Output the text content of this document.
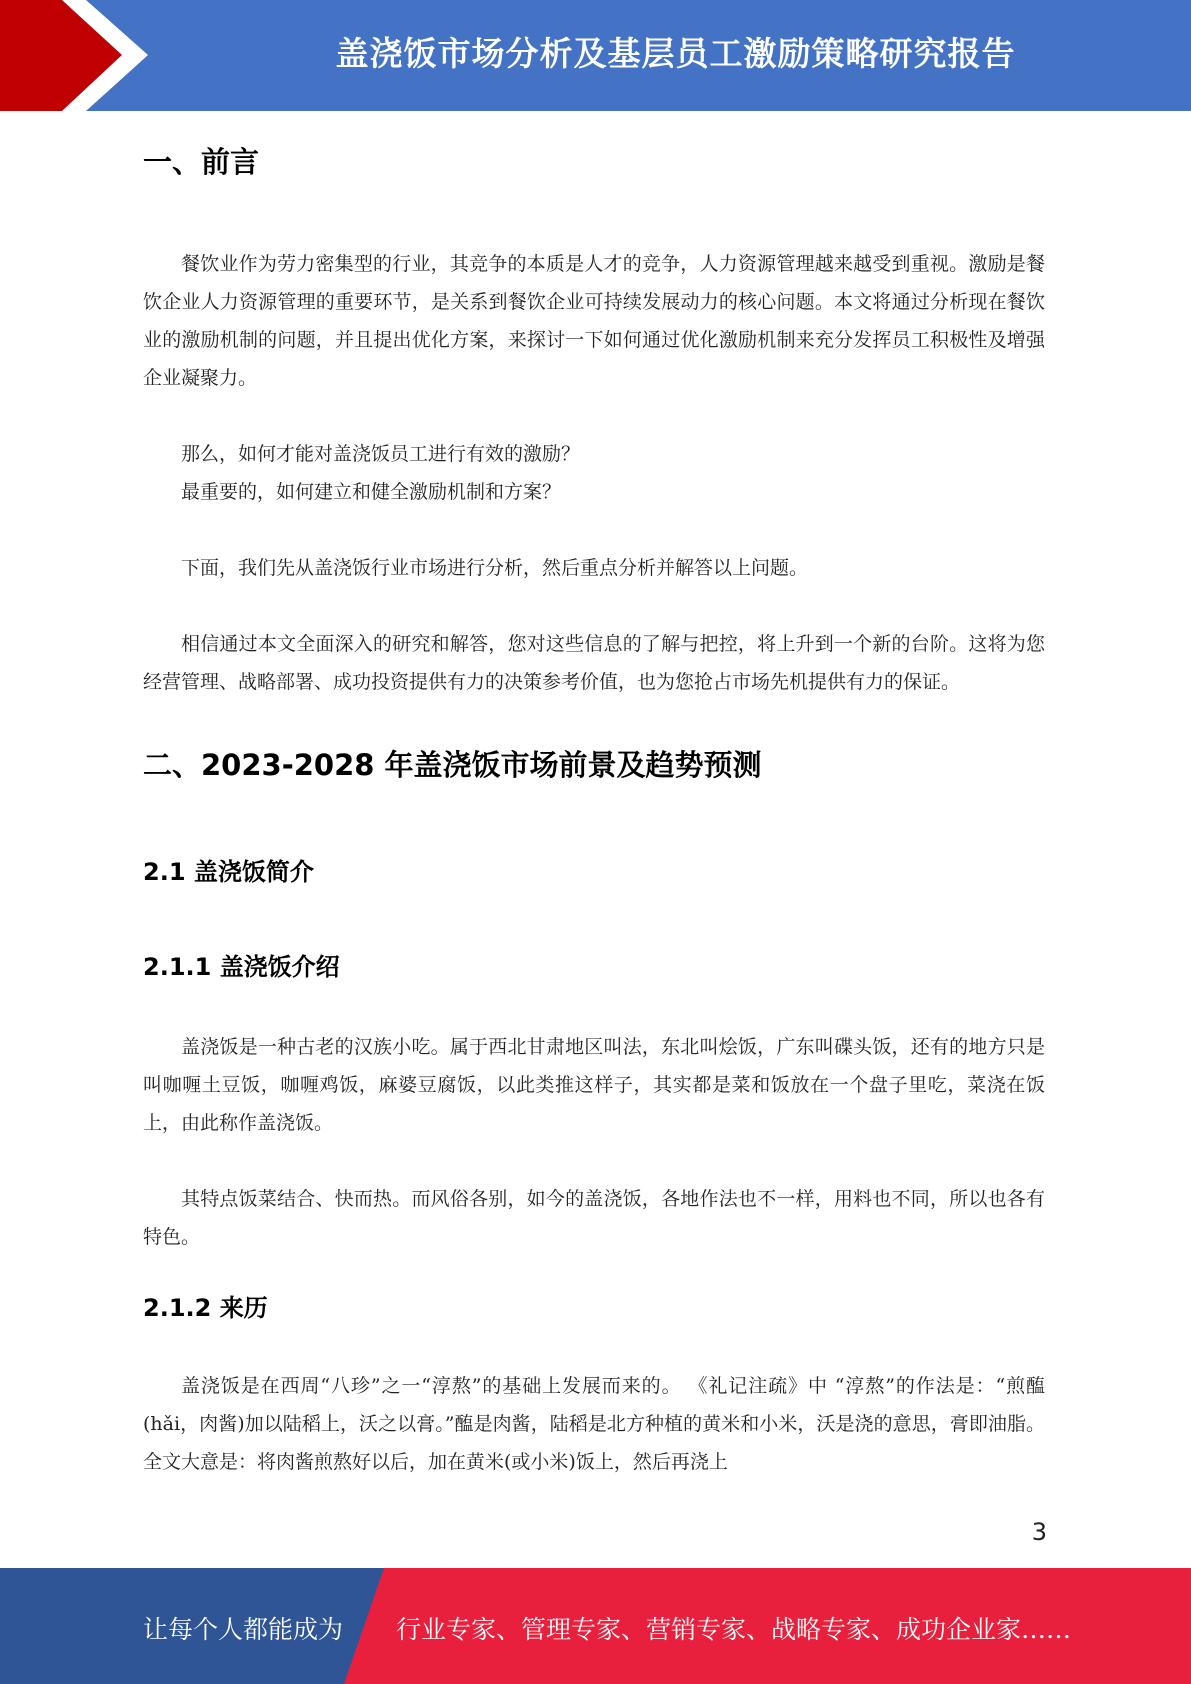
盖浇饭市场分析及基层员工激励策略研究报告
一、前言

餐饮业作为劳力密集型的行业，其竞争的本质是人才的竞争，人力资源管理越来越受到重视。激励是餐饮企业人力资源管理的重要环节，是关系到餐饮企业可持续发展动力的核心问题。本文将通过分析现在餐饮业的激励机制的问题，并且提出优化方案，来探讨一下如何通过优化激励机制来充分发挥员工积极性及增强企业凝聚力。

那么，如何才能对盖浇饭员工进行有效的激励？

最重要的，如何建立和健全激励机制和方案？

下面，我们先从盖浇饭行业市场进行分析，然后重点分析并解答以上问题。

相信通过本文全面深入的研究和解答，您对这些信息的了解与把控，将上升到一个新的台阶。这将为您经营管理、战略部署、成功投资提供有力的决策参考价值，也为您抢占市场先机提供有力的保证。

二、2023-2028 年盖浇饭市场前景及趋势预测
2.1 盖浇饭简介
2.1.1 盖浇饭介绍

盖浇饭是一种古老的汉族小吃。属于西北甘肃地区叫法，东北叫烩饭，广东叫碟头饭，还有的地方只是叫咖喱土豆饭，咖喱鸡饭，麻婆豆腐饭，以此类推这样子，其实都是菜和饭放在一个盘子里吃，菜浇在饭上，由此称作盖浇饭。

其特点饭菜结合、快而热。而风俗各别，如今的盖浇饭，各地作法也不一样，用料也不同，所以也各有特色。

2.1.2 来历

盖浇饭是在西周“八珍”之一“淳熬”的基础上发展而来的。 《礼记注疏》中 “淳熬”的作法是：“煎醢(hǎi，肉酱)加以陆稻上，沃之以膏。”醢是肉酱，陆稻是北方种植的黄米和小米，沃是浇的意思，膏即油脂。全文大意是：将肉酱煎熬好以后，加在黄米(或小米)饭上，然后再浇上

3
让每个人都能成为 行业专家、管理专家、营销专家、战略专家、成功企业家……
